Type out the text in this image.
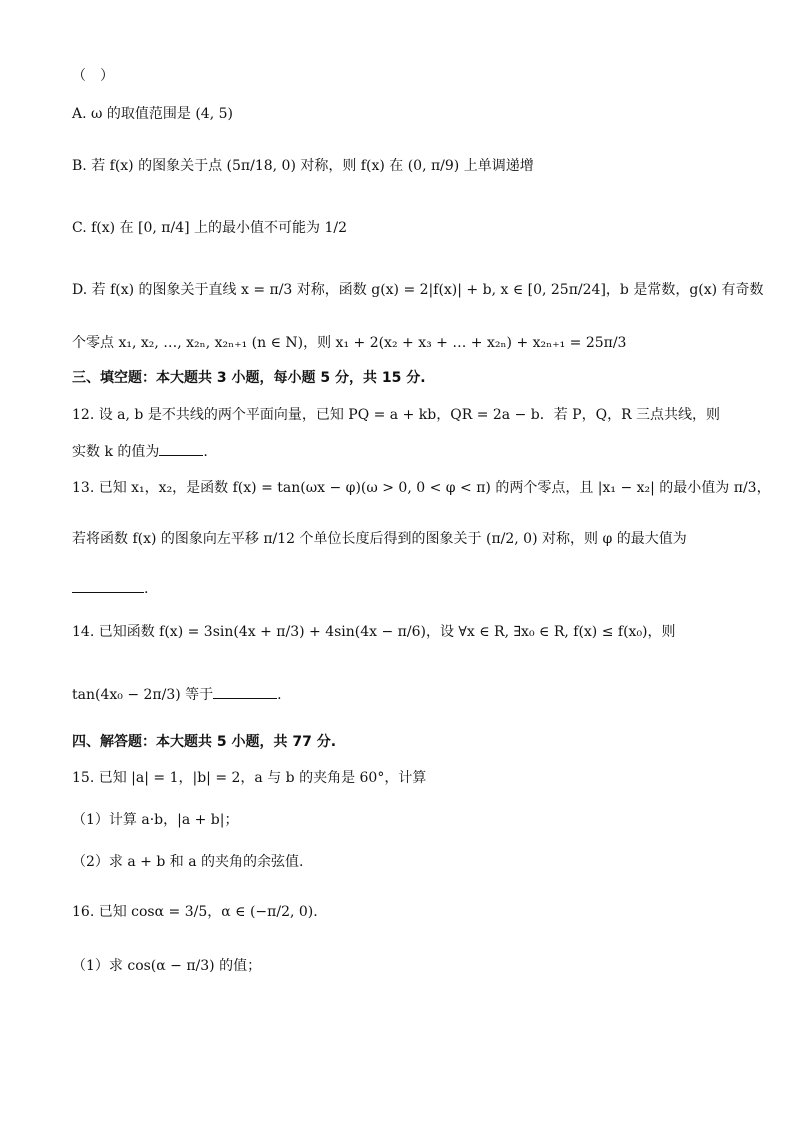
（　）
A. ω 的取值范围是 (4, 5)
B. 若 f(x) 的图象关于点 (5π/18, 0) 对称，则 f(x) 在 (0, π/9) 上单调递增
C. f(x) 在 [0, π/4] 上的最小值不可能为 1/2
D. 若 f(x) 的图象关于直线 x = π/3 对称，函数 g(x) = 2|f(x)| + b, x ∈ [0, 25π/24]，b 是常数，g(x) 有奇数
个零点 x₁, x₂, …, x₂ₙ, x₂ₙ₊₁ (n ∈ N)，则 x₁ + 2(x₂ + x₃ + … + x₂ₙ) + x₂ₙ₊₁ = 25π/3
三、填空题：本大题共 3 小题，每小题 5 分，共 15 分.
12. 设 a, b 是不共线的两个平面向量，已知 PQ = a + kb，QR = 2a − b．若 P，Q，R 三点共线，则
实数 k 的值为	.
13. 已知 x₁，x₂，是函数 f(x) = tan(ωx − φ)(ω > 0, 0 < φ < π) 的两个零点，且 |x₁ − x₂| 的最小值为 π/3，
若将函数 f(x) 的图象向左平移 π/12 个单位长度后得到的图象关于 (π/2, 0) 对称，则 φ 的最大值为
.
14. 已知函数 f(x) = 3sin(4x + π/3) + 4sin(4x − π/6)，设 ∀x ∈ R, ∃x₀ ∈ R, f(x) ≤ f(x₀)，则
tan(4x₀ − 2π/3) 等于	.
四、解答题：本大题共 5 小题，共 77 分.
15. 已知 |a| = 1，|b| = 2，a 与 b 的夹角是 60°，计算
（1）计算 a·b，|a + b|；
（2）求 a + b 和 a 的夹角的余弦值.
16. 已知 cosα = 3/5，α ∈ (−π/2, 0).
（1）求 cos(α − π/3) 的值；
